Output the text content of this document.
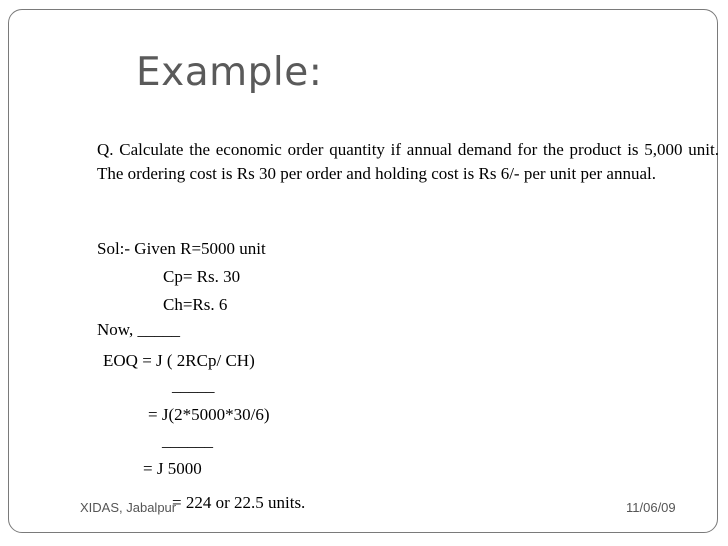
Example:
Q. Calculate the economic order quantity if annual demand for the product is 5,000 unit. The ordering cost is Rs 30 per order and holding cost is Rs 6/- per unit per annual.
Sol:- Given R=5000 unit
Cp= Rs. 30
Ch=Rs. 6
Now, _____
EOQ = J ( 2RCp/ CH)
_____
= J(2*5000*30/6)
______
= J 5000
= 224 or 22.5 units.
XIDAS, Jabalpur	11/06/09
